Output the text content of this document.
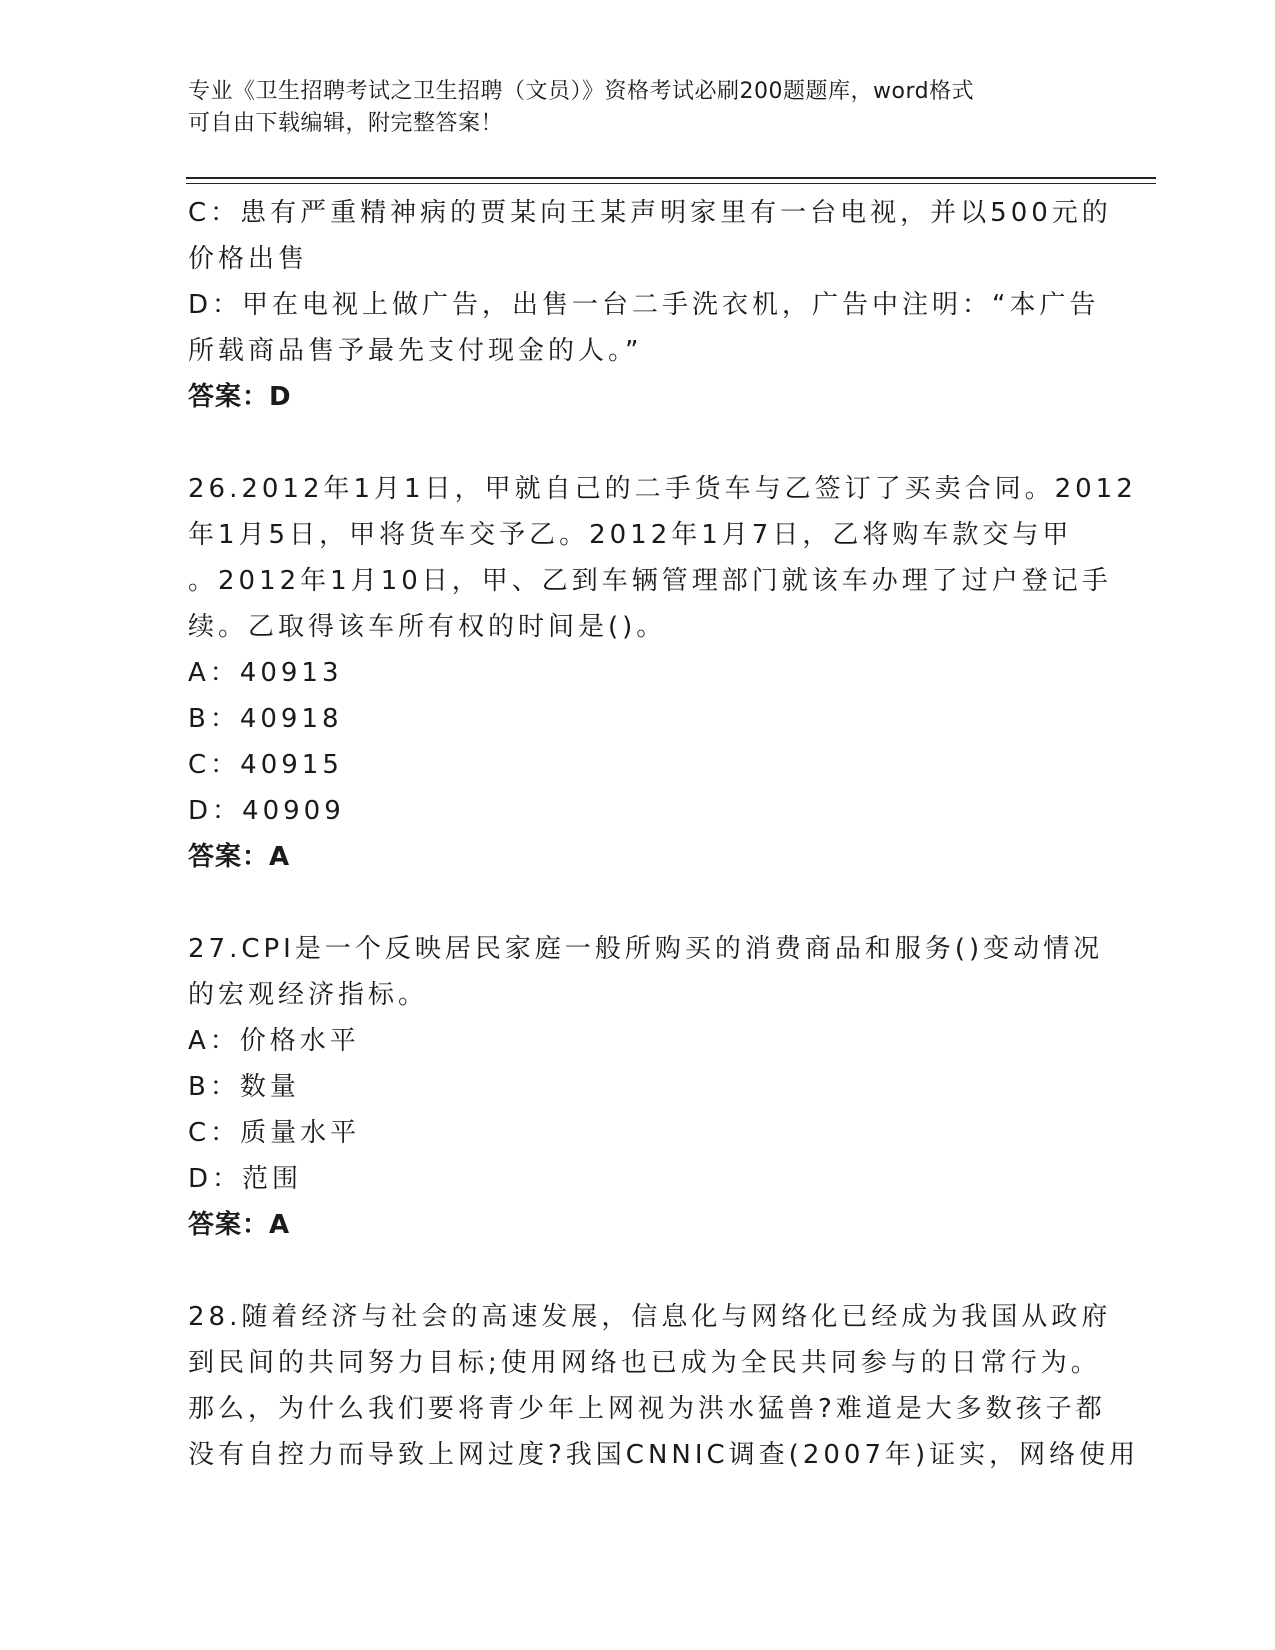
专业《卫生招聘考试之卫生招聘（文员）》资格考试必刷200题题库，word格式
可自由下载编辑，附完整答案！
C：患有严重精神病的贾某向王某声明家里有一台电视，并以500元的
价格出售
D：甲在电视上做广告，出售一台二手洗衣机，广告中注明：“本广告
所载商品售予最先支付现金的人。”
答案：D
26.2012年1月1日，甲就自己的二手货车与乙签订了买卖合同。2012
年1月5日，甲将货车交予乙。2012年1月7日，乙将购车款交与甲
。2012年1月10日，甲、乙到车辆管理部门就该车办理了过户登记手
续。乙取得该车所有权的时间是()。
A：40913
B：40918
C：40915
D：40909
答案：A
27.CPI是一个反映居民家庭一般所购买的消费商品和服务()变动情况
的宏观经济指标。
A：价格水平
B：数量
C：质量水平
D：范围
答案：A
28.随着经济与社会的高速发展，信息化与网络化已经成为我国从政府
到民间的共同努力目标;使用网络也已成为全民共同参与的日常行为。
那么，为什么我们要将青少年上网视为洪水猛兽?难道是大多数孩子都
没有自控力而导致上网过度?我国CNNIC调查(2007年)证实，网络使用
